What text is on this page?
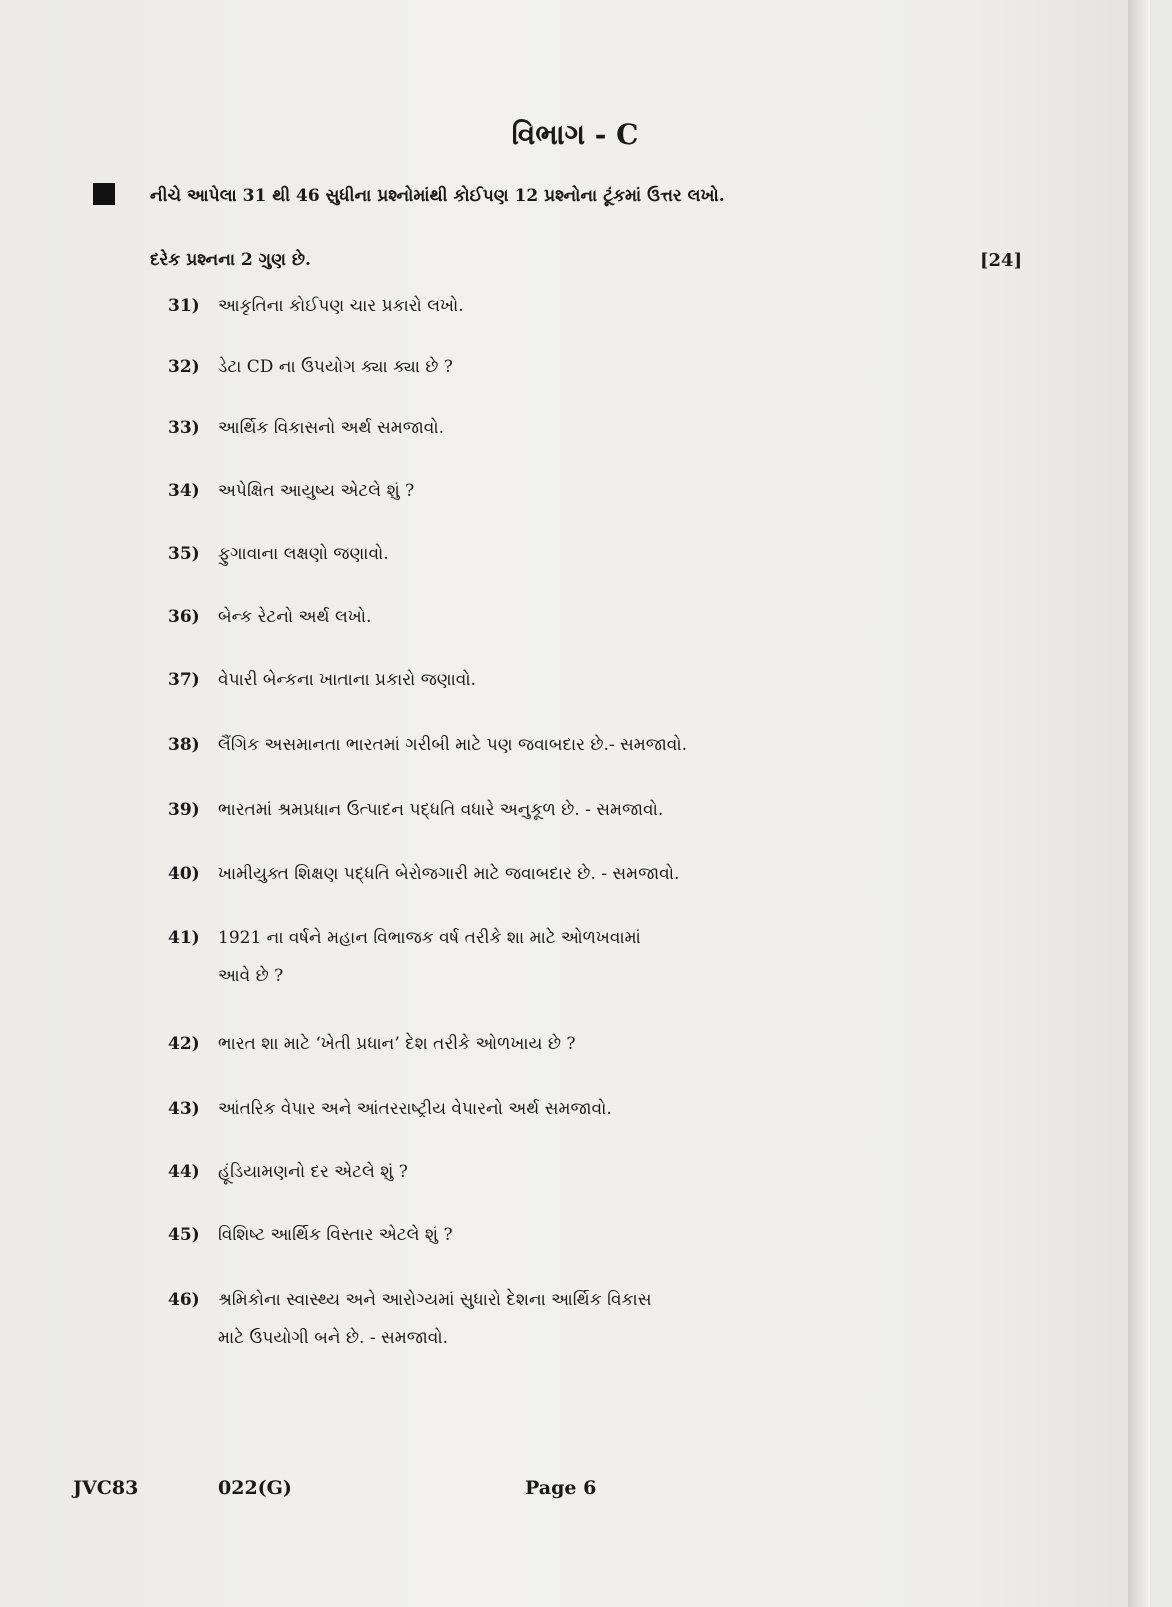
વિભાગ - C
નીચે આપેલા 31 થી 46 સુધીના પ્રશ્નોમાંથી કોઈપણ 12 પ્રશ્નોના ટૂંકમાં ઉત્તર લખો.
દરેક પ્રશ્નના 2 ગુણ છે.	[24]
31) આકૃતિના કોઈપણ ચાર પ્રકારો લખો.
32) ડેટા CD ના ઉપયોગ ક્યા ક્યા છે ?
33) આર્થિક વિકાસનો અર્થ સમજાવો.
34) અપેક્ષિત આયુષ્ય એટલે શું ?
35) ફુગાવાના લક્ષણો જણાવો.
36) બેન્ક રેટનો અર્થ લખો.
37) વેપારી બેન્કના ખાતાના પ્રકારો જણાવો.
38) લૈંગિક અસમાનતા ભારતમાં ગરીબી માટે પણ જવાબદાર છે.- સમજાવો.
39) ભારતમાં શ્રમપ્રધાન ઉત્પાદન પદ્ધતિ વધારે અનુકૂળ છે. - સમજાવો.
40) ખામીયુક્ત શિક્ષણ પદ્ધતિ બેરોજગારી માટે જવાબદાર છે. - સમજાવો.
41) 1921 ના વર્ષને મહાન વિભાજક વર્ષ તરીકે શા માટે ઓળખવામાં
આવે છે ?
42) ભારત શા માટે ‘ખેતી પ્રધાન’ દેશ તરીકે ઓળખાય છે ?
43) આંતરિક વેપાર અને આંતરરાષ્ટ્રીય વેપારનો અર્થ સમજાવો.
44) હૂંડિયામણનો દર એટલે શું ?
45) વિશિષ્ટ આર્થિક વિસ્તાર એટલે શું ?
46) શ્રમિકોના સ્વાસ્થ્ય અને આરોગ્યમાં સુધારો દેશના આર્થિક વિકાસ
માટે ઉપયોગી બને છે. - સમજાવો.
JVC83	022(G)	Page 6
